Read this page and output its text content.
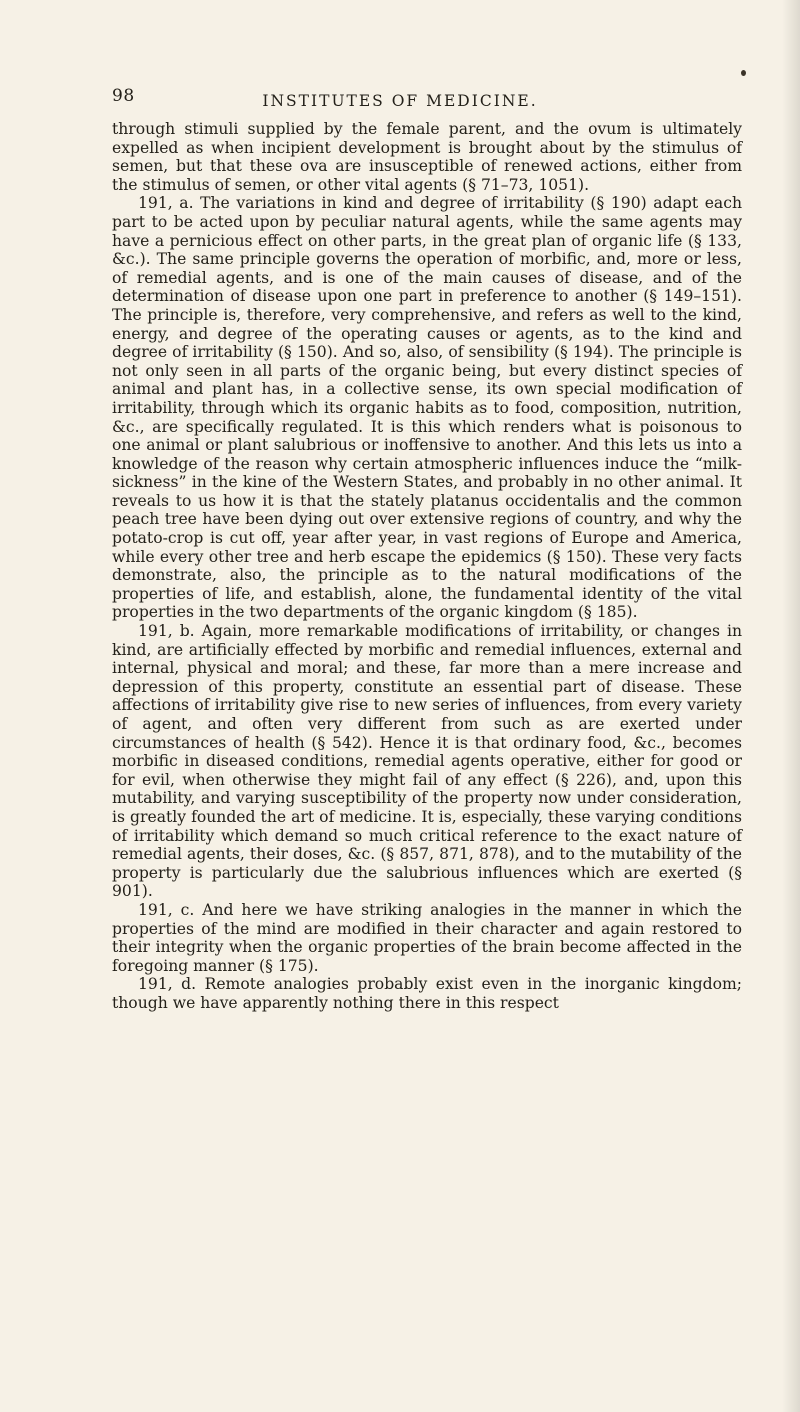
98	INSTITUTES OF MEDICINE.

through stimuli supplied by the female parent, and the ovum is ultimately expelled as when incipient development is brought about by the stimulus of semen, but that these ova are insusceptible of renewed actions, either from the stimulus of semen, or other vital agents (§ 71–73, 1051).

191, a. The variations in kind and degree of irritability (§ 190) adapt each part to be acted upon by peculiar natural agents, while the same agents may have a pernicious effect on other parts, in the great plan of organic life (§ 133, &c.). The same principle governs the operation of morbific, and, more or less, of remedial agents, and is one of the main causes of disease, and of the determination of disease upon one part in preference to another (§ 149–151). The principle is, therefore, very comprehensive, and refers as well to the kind, energy, and degree of the operating causes or agents, as to the kind and degree of irritability (§ 150). And so, also, of sensibility (§ 194). The principle is not only seen in all parts of the organic being, but every distinct species of animal and plant has, in a collective sense, its own special modification of irritability, through which its organic habits as to food, composition, nutrition, &c., are specifically regulated. It is this which renders what is poisonous to one animal or plant salubrious or inoffensive to another. And this lets us into a knowledge of the reason why certain atmospheric influences induce the “milk-sickness” in the kine of the Western States, and probably in no other animal. It reveals to us how it is that the stately platanus occidentalis and the common peach tree have been dying out over extensive regions of country, and why the potato-crop is cut off, year after year, in vast regions of Europe and America, while every other tree and herb escape the epidemics (§ 150). These very facts demonstrate, also, the principle as to the natural modifications of the properties of life, and establish, alone, the fundamental identity of the vital properties in the two departments of the organic kingdom (§ 185).

191, b. Again, more remarkable modifications of irritability, or changes in kind, are artificially effected by morbific and remedial influences, external and internal, physical and moral; and these, far more than a mere increase and depression of this property, constitute an essential part of disease. These affections of irritability give rise to new series of influences, from every variety of agent, and often very different from such as are exerted under circumstances of health (§ 542). Hence it is that ordinary food, &c., becomes morbific in diseased conditions, remedial agents operative, either for good or for evil, when otherwise they might fail of any effect (§ 226), and, upon this mutability, and varying susceptibility of the property now under consideration, is greatly founded the art of medicine. It is, especially, these varying conditions of irritability which demand so much critical reference to the exact nature of remedial agents, their doses, &c. (§ 857, 871, 878), and to the mutability of the property is particularly due the salubrious influences which are exerted (§ 901).

191, c. And here we have striking analogies in the manner in which the properties of the mind are modified in their character and again restored to their integrity when the organic properties of the brain become affected in the foregoing manner (§ 175).

191, d. Remote analogies probably exist even in the inorganic kingdom; though we have apparently nothing there in this respect
